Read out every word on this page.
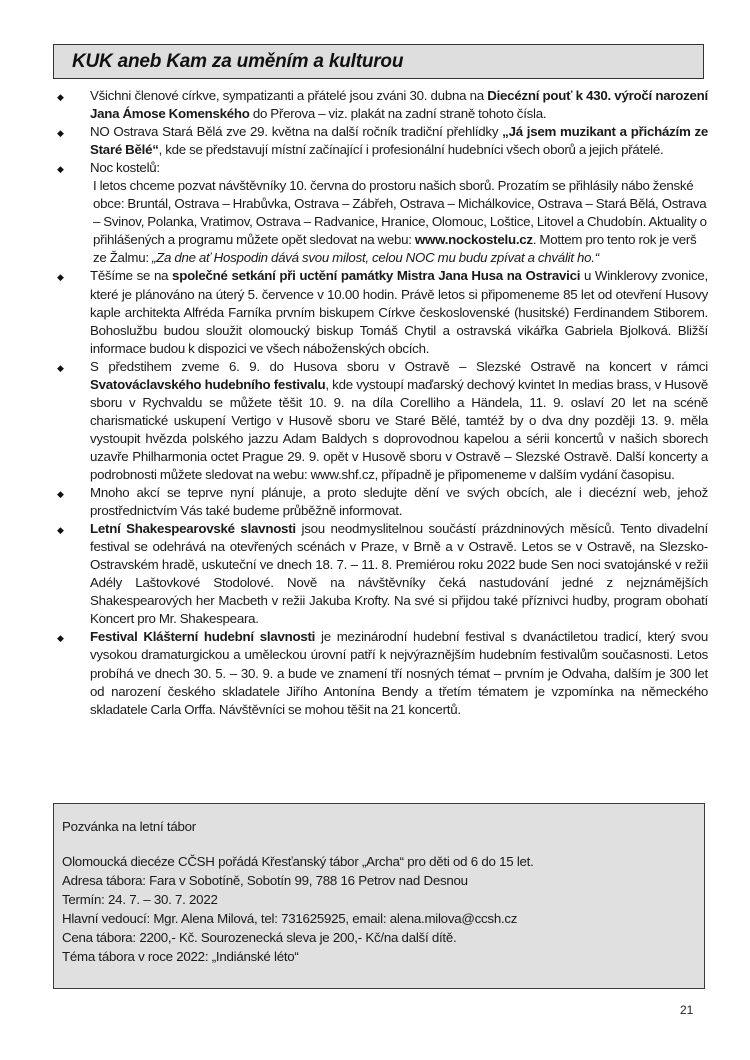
KUK aneb Kam za uměním a kulturou
◆ Všichni členové církve, sympatizanti a přátelé jsou zváni 30. dubna na Diecézní pouť k 430. výročí narození Jana Ámose Komenského do Přerova – viz. plakát na zadní straně tohoto čísla.
◆ NO Ostrava Stará Bělá zve 29. května na další ročník tradiční přehlídky „Já jsem muzikant a přicházím ze Staré Bělé“, kde se představují místní začínající i profesionální hudebníci všech oborů a jejich přátelé.
◆ Noc kostelů:
I letos chceme pozvat návštěvníky 10. června do prostoru našich sborů. Prozatím se přihlásily nábo ženské obce: Bruntál, Ostrava – Hrabůvka, Ostrava – Zábřeh, Ostrava – Michálkovice, Ostrava – Stará Bělá, Ostrava – Svinov, Polanka, Vratimov, Ostrava – Radvanice, Hranice, Olomouc, Loštice, Litovel a Chudobín. Aktuality o přihlášených a programu můžete opět sledovat na webu: www.nockostelu.cz. Mottem pro tento rok je verš ze Žalmu: „Za dne ať Hospodin dává svou milost, celou NOC mu budu zpívat a chválit ho.“
◆ Těšíme se na společné setkání při uctění památky Mistra Jana Husa na Ostravici u Winklerovy zvonice, které je plánováno na úterý 5. července v 10.00 hodin. Právě letos si připomeneme 85 let od otevření Husovy kaple architekta Alfréda Farníka prvním biskupem Církve československé (husitské) Ferdinandem Stiborem. Bohoslužbu budou sloužit olomoucký biskup Tomáš Chytil a ostravská vikářka Gabriela Bjolková. Bližší informace budou k dispozici ve všech náboženských obcích.
◆ S předstihem zveme 6. 9. do Husova sboru v Ostravě – Slezské Ostravě na koncert v rámci Svatováclavského hudebního festivalu, kde vystoupí maďarský dechový kvintet In medias brass, v Husově sboru v Rychvaldu se můžete těšit 10. 9. na díla Corelliho a Händela, 11. 9. oslaví 20 let na scéně charismatické uskupení Vertigo v Husově sboru ve Staré Bělé, tamtéž by o dva dny později 13. 9. měla vystoupit hvězda polského jazzu Adam Baldych s doprovodnou kapelou a sérii koncertů v našich sborech uzavře Philharmonia octet Prague 29. 9. opět v Husově sboru v Ostravě – Slezské Ostravě. Další koncerty a podrobnosti můžete sledovat na webu: www.shf.cz, případně je připomeneme v dalším vydání časopisu.
◆ Mnoho akcí se teprve nyní plánuje, a proto sledujte dění ve svých obcích, ale i diecézní web, jehož prostřednictvím Vás také budeme průběžně informovat.
◆ Letní Shakespearovské slavnosti jsou neodmyslitelnou součástí prázdninových měsíců. Tento divadelní festival se odehrává na otevřených scénách v Praze, v Brně a v Ostravě. Letos se v Ostravě, na Slezsko-Ostravském hradě, uskuteční ve dnech 18. 7. – 11. 8. Premiérou roku 2022 bude Sen noci svatojánské v režii Adély Laštovkové Stodolové. Nově na návštěvníky čeká nastudování jedné z nejznámějších Shakespearových her Macbeth v režii Jakuba Krofty. Na své si přijdou také příznivci hudby, program obohatí Koncert pro Mr. Shakespeara.
◆ Festival Klášterní hudební slavnosti je mezinárodní hudební festival s dvanáctiletou tradicí, který svou vysokou dramaturgickou a uměleckou úrovní patří k nejvýraznějším hudebním festivalům současnosti. Letos probíhá ve dnech 30. 5. – 30. 9. a bude ve znamení tří nosných témat – prvním je Odvaha, dalším je 300 let od narození českého skladatele Jiřího Antonína Bendy a třetím tématem je vzpomínka na německého skladatele Carla Orffa. Návštěvníci se mohou těšit na 21 koncertů.
Pozvánka na letní tábor
Olomoucká diecéze CČSH pořádá Křesťanský tábor „Archa“ pro děti od 6 do 15 let.
Adresa tábora: Fara v Sobotíně, Sobotín 99, 788 16 Petrov nad Desnou
Termín: 24. 7. – 30. 7. 2022
Hlavní vedoucí: Mgr. Alena Milová, tel: 731625925, email: alena.milova@ccsh.cz
Cena tábora: 2200,- Kč. Sourozenecká sleva je 200,- Kč/na další dítě.
Téma tábora v roce 2022: „Indiánské léto“
21
